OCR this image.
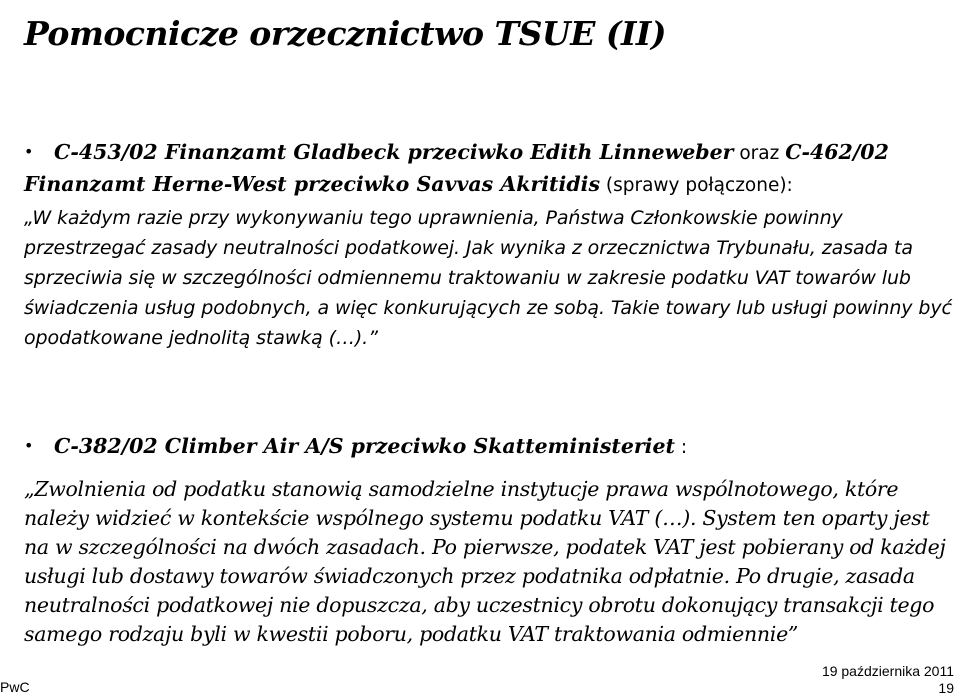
Pomocnicze orzecznictwo TSUE (II)
• C-453/02 Finanzamt Gladbeck przeciwko Edith Linneweber oraz C-462/02 Finanzamt Herne-West przeciwko Savvas Akritidis (sprawy połączone):
„W każdym razie przy wykonywaniu tego uprawnienia, Państwa Członkowskie powinny przestrzegać zasady neutralności podatkowej. Jak wynika z orzecznictwa Trybunału, zasada ta sprzeciwia się w szczególności odmiennemu traktowaniu w zakresie podatku VAT towarów lub świadczenia usług podobnych, a więc konkurujących ze sobą. Takie towary lub usługi powinny być opodatkowane jednolitą stawką (…).”
• C-382/02 Climber Air A/S przeciwko Skatteministeriet :
„Zwolnienia od podatku stanowią samodzielne instytucje prawa wspólnotowego, które należy widzieć w kontekście wspólnego systemu podatku VAT (…). System ten oparty jest na w szczególności na dwóch zasadach. Po pierwsze, podatek VAT jest pobierany od każdej usługi lub dostawy towarów świadczonych przez podatnika odpłatnie. Po drugie, zasada neutralności podatkowej nie dopuszcza, aby uczestnicy obrotu dokonujący transakcji tego samego rodzaju byli w kwestii poboru, podatku VAT traktowania odmiennie”
PwC
19 października 2011
19
